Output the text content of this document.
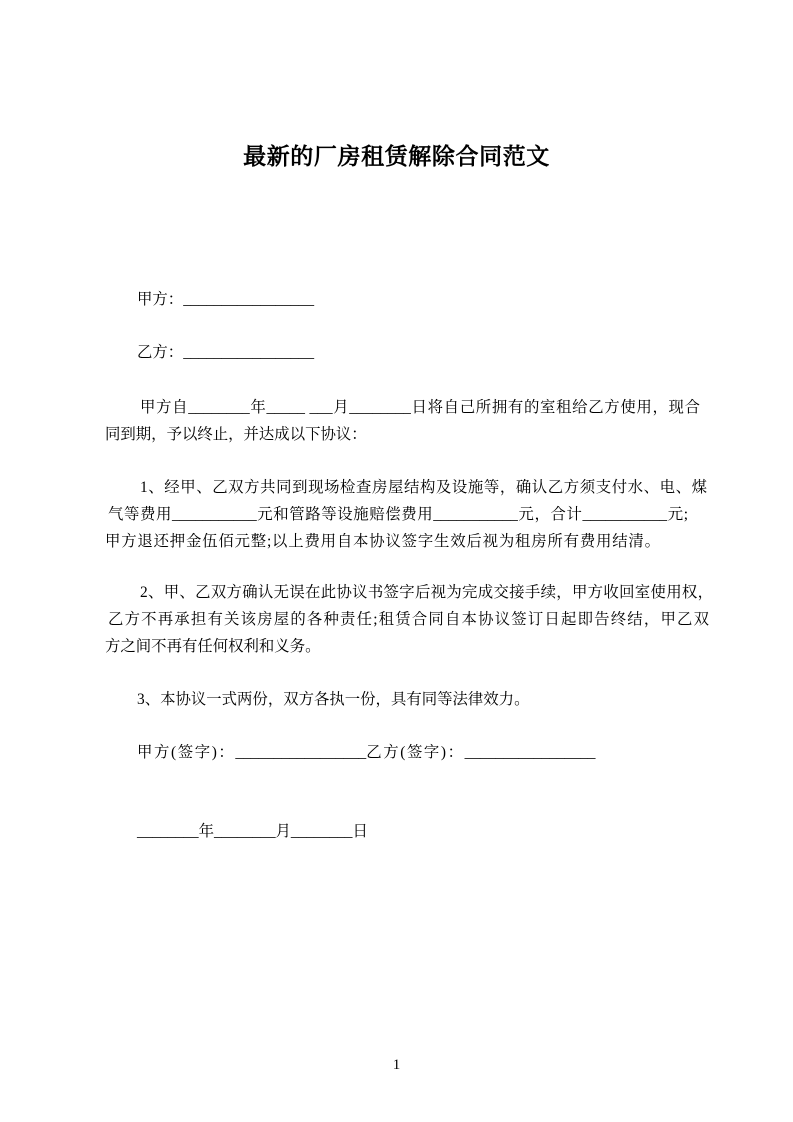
最新的厂房租赁解除合同范文
甲方：_________________
乙方：_________________
甲方自________年_____ ___月________日将自己所拥有的室租给乙方使用，现合
同到期，予以终止，并达成以下协议：
1、经甲、乙双方共同到现场检查房屋结构及设施等，确认乙方须支付水、电、煤
气等费用___________元和管路等设施赔偿费用___________元，合计___________元;
甲方退还押金伍佰元整;以上费用自本协议签字生效后视为租房所有费用结清。
2、甲、乙双方确认无误在此协议书签字后视为完成交接手续，甲方收回室使用权，
乙方不再承担有关该房屋的各种责任;租赁合同自本协议签订日起即告终结，甲乙双
方之间不再有任何权利和义务。
3、本协议一式两份，双方各执一份，具有同等法律效力。
甲方(签字)：_________________乙方(签字)：_________________
________年________月________日
1
